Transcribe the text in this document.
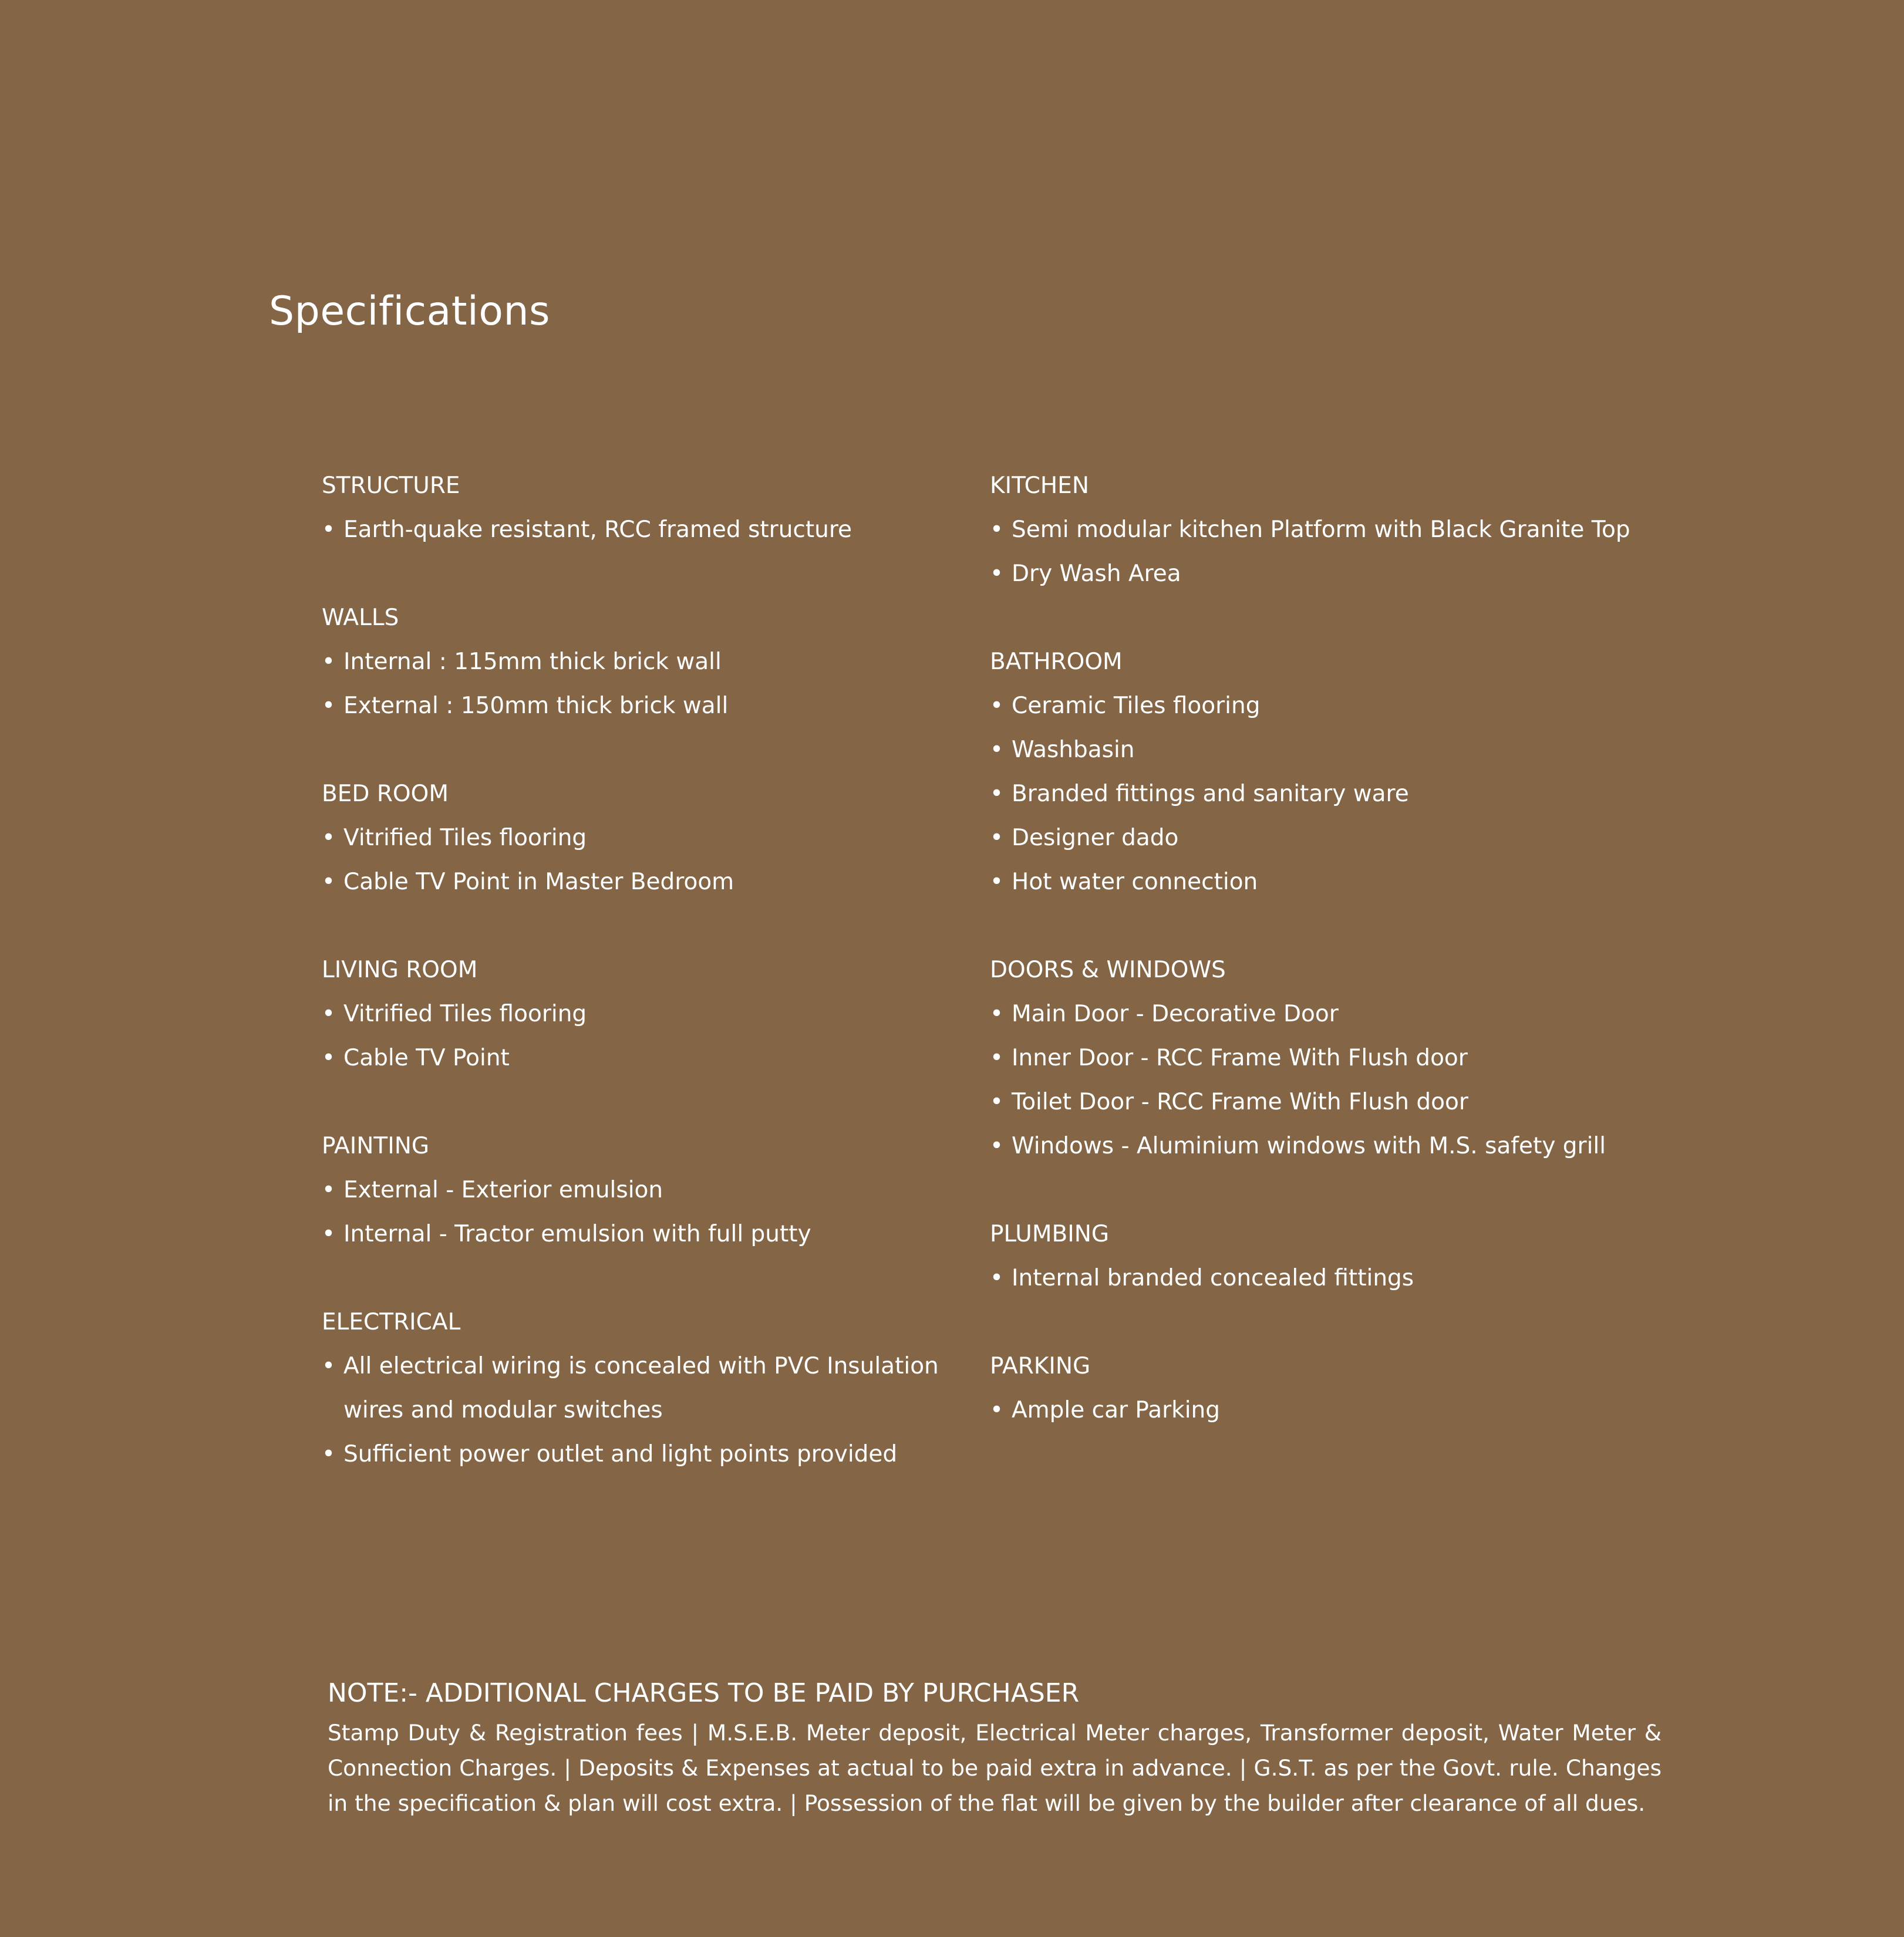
Specifications
STRUCTURE
• Earth-quake resistant, RCC framed structure
WALLS
• Internal : 115mm thick brick wall
• External : 150mm thick brick wall
BED ROOM
• Vitrified Tiles flooring
• Cable TV Point in Master Bedroom
LIVING ROOM
• Vitrified Tiles flooring
• Cable TV Point
PAINTING
• External - Exterior emulsion
• Internal - Tractor emulsion with full putty
ELECTRICAL
• All electrical wiring is concealed with PVC Insulation wires and modular switches
• Sufficient power outlet and light points provided
KITCHEN
• Semi modular kitchen Platform with Black Granite Top
• Dry Wash Area
BATHROOM
• Ceramic Tiles flooring
• Washbasin
• Branded fittings and sanitary ware
• Designer dado
• Hot water connection
DOORS & WINDOWS
• Main Door - Decorative Door
• Inner Door - RCC Frame With Flush door
• Toilet Door - RCC Frame With Flush door
• Windows - Aluminium windows with M.S. safety grill
PLUMBING
• Internal branded concealed fittings
PARKING
• Ample car Parking
NOTE:- ADDITIONAL CHARGES TO BE PAID BY PURCHASER

Stamp Duty & Registration fees | M.S.E.B. Meter deposit, Electrical Meter charges, Transformer deposit, Water Meter & Connection Charges. | Deposits & Expenses at actual to be paid extra in advance. | G.S.T. as per the Govt. rule. Changes in the specification & plan will cost extra. | Possession of the flat will be given by the builder after clearance of all dues.
